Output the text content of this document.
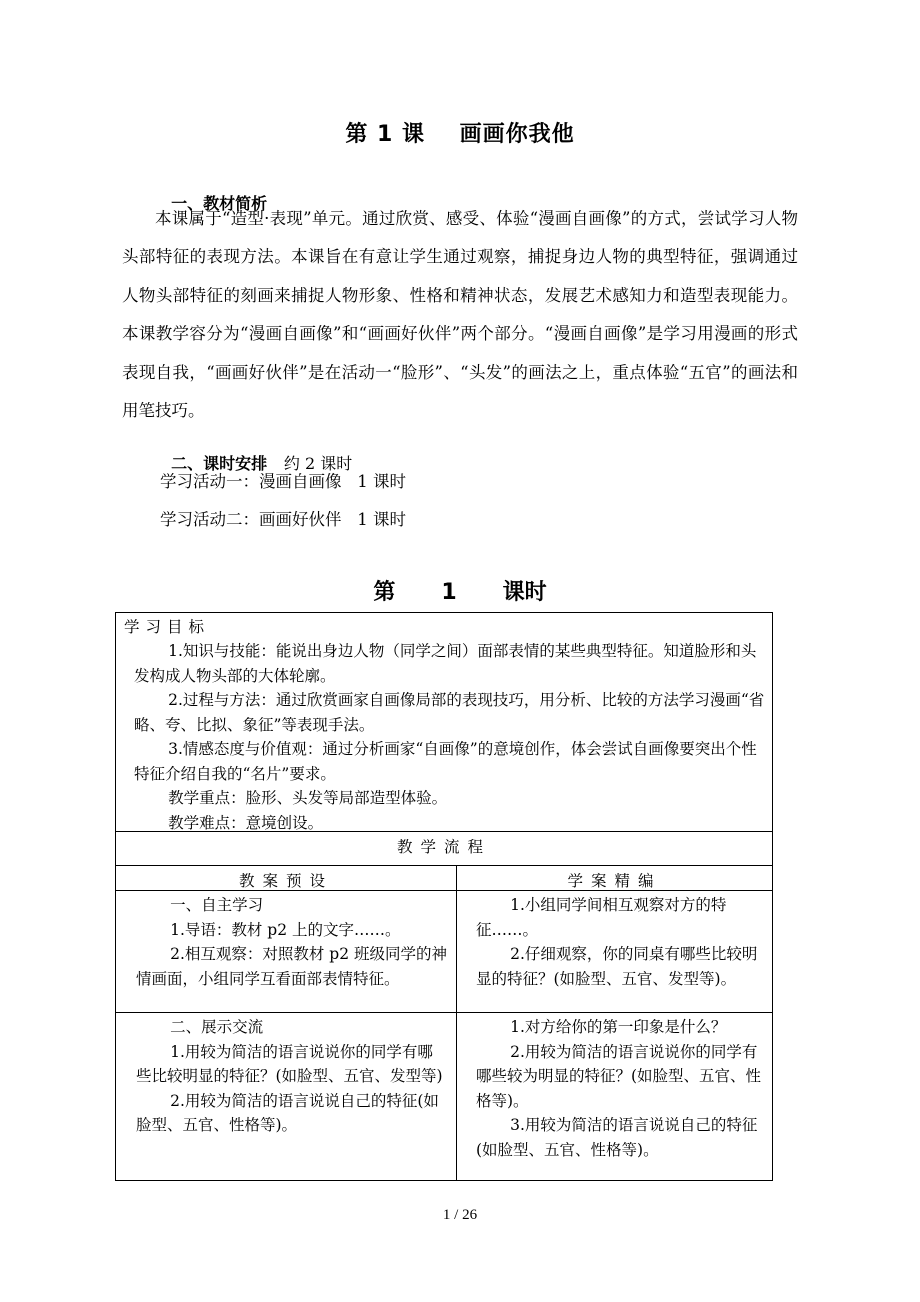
第 1 课    画画你我他

一、教材简析

本课属于“造型·表现”单元。通过欣赏、感受、体验“漫画自画像”的方式，尝试学习人物头部特征的表现方法。本课旨在有意让学生通过观察，捕捉身边人物的典型特征，强调通过人物头部特征的刻画来捕捉人物形象、性格和精神状态，发展艺术感知力和造型表现能力。本课教学容分为“漫画自画像”和“画画好伙伴”两个部分。“漫画自画像”是学习用漫画的形式表现自我，“画画好伙伴”是在活动一“脸形”、“头发”的画法之上，重点体验“五官”的画法和用笔技巧。

二、课时安排 约 2 课时

学习活动一：漫画自画像   1 课时
学习活动二：画画好伙伴   1 课时
第      1      课时
学习目标
1.知识与技能：能说出身边人物（同学之间）面部表情的某些典型特征。知道脸形和头发构成人物头部的大体轮廓。
2.过程与方法：通过欣赏画家自画像局部的表现技巧，用分析、比较的方法学习漫画“省略、夸、比拟、象征”等表现手法。
3.情感态度与价值观：通过分析画家“自画像”的意境创作，体会尝试自画像要突出个性特征介绍自我的“名片”要求。
教学重点：脸形、头发等局部造型体验。
教学难点：意境创设。
教学流程
教案预设	学案精编
一、自主学习
1.导语：教材 p2 上的文字……。
2.相互观察：对照教材 p2 班级同学的神情画面，小组同学互看面部表情特征。
1.小组同学间相互观察对方的特征……。
2.仔细观察，你的同桌有哪些比较明显的特征？(如脸型、五官、发型等)。
二、展示交流
1.用较为简洁的语言说说你的同学有哪些比较明显的特征？(如脸型、五官、发型等)
2.用较为简洁的语言说说自己的特征(如脸型、五官、性格等)。
1.对方给你的第一印象是什么？
2.用较为简洁的语言说说你的同学有哪些较为明显的特征？(如脸型、五官、性格等)。
3.用较为简洁的语言说说自己的特征(如脸型、五官、性格等)。
1 / 26
